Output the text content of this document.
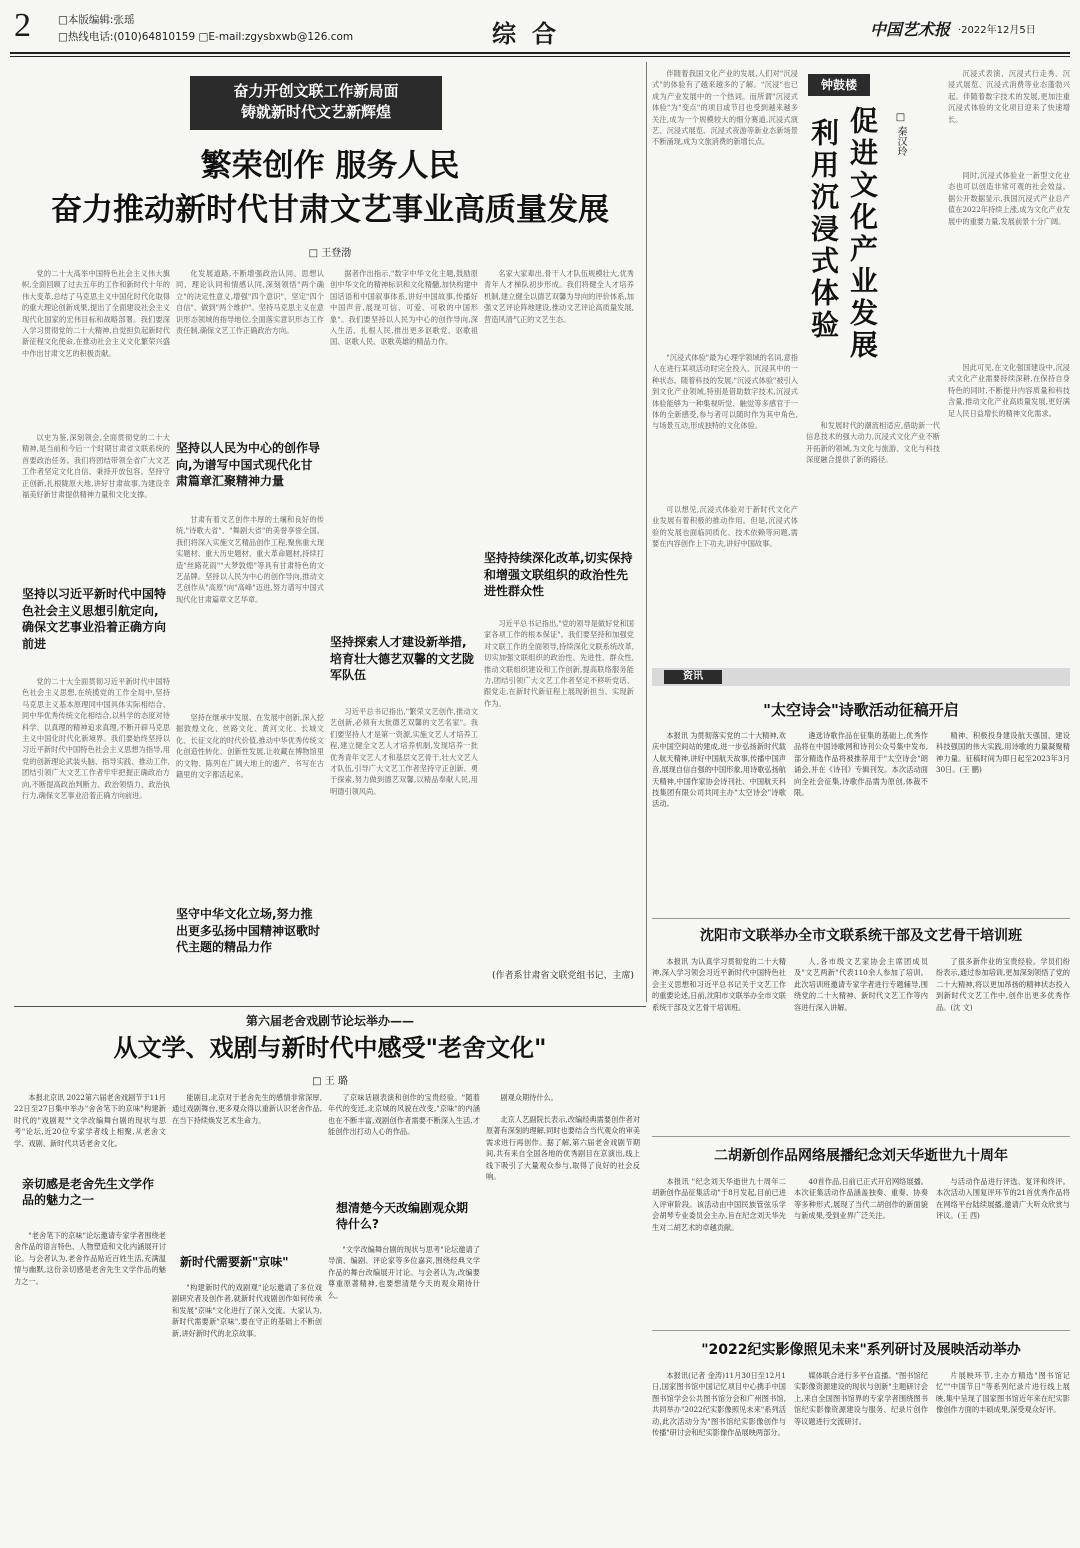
2	□本版编辑:张瑶
□热线电话:(010)64810159 □E-mail:zgysbxwb@126.com	综合	中国艺术报 ·2022年12月5日
奋力开创文联工作新局面
铸就新时代文艺新辉煌
繁荣创作 服务人民
奋力推动新时代甘肃文艺事业高质量发展
□ 王登渤
党的二十大高举中国特色社会主义伟大旗帜,全面回顾了过去五年的工作和新时代十年的伟大变革,总结了马克思主义中国化时代化取得的重大理论创新成果,提出了全面建设社会主义现代化国家的宏伟目标和战略部署。我们要深入学习贯彻党的二十大精神,自觉担负起新时代新征程文化使命,在推动社会主义文化繁荣兴盛中作出甘肃文艺的积极贡献。
以史为鉴,深刻领会,全面贯彻党的二十大精神,是当前和今后一个时期甘肃省文联系统的首要政治任务。我们将团结带领全省广大文艺工作者坚定文化自信、秉持开放包容、坚持守正创新,扎根陇原大地,讲好甘肃故事,为建设幸福美好新甘肃提供精神力量和文化支撑。
坚持以习近平新时代中国特色社会主义思想引航定向,确保文艺事业沿着正确方向前进
党的二十大全面贯彻习近平新时代中国特色社会主义思想,在统揽党的工作全局中,坚持马克思主义基本原理同中国具体实际相结合、同中华优秀传统文化相结合,以科学的态度对待科学、以真理的精神追求真理,不断开辟马克思主义中国化时代化新境界。我们要始终坚持以习近平新时代中国特色社会主义思想为指导,用党的创新理论武装头脑、指导实践、推动工作,团结引领广大文艺工作者牢牢把握正确政治方向,不断提高政治判断力、政治领悟力、政治执行力,确保文艺事业沿着正确方向前进。
化发展道路,不断增强政治认同、思想认同、理论认同和情感认同,深刻领悟"两个确立"的决定性意义,增强"四个意识"、坚定"四个自信"、做到"两个维护"。坚持马克思主义在意识形态领域的指导地位,全面落实意识形态工作责任制,确保文艺工作正确政治方向。
坚持以人民为中心的创作导向,为谱写中国式现代化甘肃篇章汇聚精神力量
甘肃有着文艺创作丰厚的土壤和良好的传统,"诗歌大省"、"舞剧大省"的美誉享誉全国。我们将深入实施文艺精品创作工程,聚焦重大现实题材、重大历史题材、重大革命题材,持续打造"丝路花雨""大梦敦煌"等具有甘肃特色的文艺品牌。坚持以人民为中心的创作导向,推动文艺创作从"高原"向"高峰"迈进,努力谱写中国式现代化甘肃篇章文艺华章。
坚持在继承中发展、在发展中创新,深入挖掘敦煌文化、丝路文化、黄河文化、长城文化、长征文化的时代价值,推动中华优秀传统文化创造性转化、创新性发展,让收藏在博物馆里的文物、陈列在广阔大地上的遗产、书写在古籍里的文字都活起来。
坚守中华文化立场,努力推出更多弘扬中国精神讴歌时代主题的精品力作
据者作出指示,"数字中华文化主题,鼓励原创中华文化的精神标识和文化精髓,加快构建中国话语和中国叙事体系,讲好中国故事,传播好中国声音,展现可信、可爱、可敬的中国形象"。我们要坚持以人民为中心的创作导向,深入生活、扎根人民,推出更多讴歌党、讴歌祖国、讴歌人民、讴歌英雄的精品力作。
坚持探索人才建设新举措,培育壮大德艺双馨的文艺陇军队伍
习近平总书记指出,"繁荣文艺创作,推动文艺创新,必须有大批德艺双馨的文艺名家"。我们要坚持人才是第一资源,实施文艺人才培养工程,建立健全文艺人才培养机制,发现培养一批优秀青年文艺人才和基层文艺骨干,壮大文艺人才队伍,引导广大文艺工作者坚持守正创新、勇于探索,努力做到德艺双馨,以精品奉献人民,用明德引领风尚。
名家大家辈出,骨干人才队伍规模壮大,优秀青年人才梯队初步形成。我们将健全人才培养机制,建立健全以德艺双馨为导向的评价体系,加强文艺评论阵地建设,推动文艺评论高质量发展,营造风清气正的文艺生态。
坚持持续深化改革,切实保持和增强文联组织的政治性先进性群众性
习近平总书记指出,"党的领导是做好党和国家各项工作的根本保证"。我们要坚持和加强党对文联工作的全面领导,持续深化文联系统改革,切实加强文联组织的政治性、先进性、群众性,推动文联组织建设和工作创新,提高联络服务能力,团结引领广大文艺工作者坚定不移听党话、跟党走,在新时代新征程上展现新担当、实现新作为。
(作者系甘肃省文联党组书记、主席)
钟鼓楼
促进文化产业发展
利用沉浸式体验	□ 秦汉玲
伴随着我国文化产业的发展,人们对"沉浸式"的体验有了越来越多的了解。"沉浸"也已成为产业发展中的一个热词。而所谓"沉浸式体验"为"变点"的项目或节目也受到越来越多关注,成为一个规模较大的细分赛道,沉浸式演艺、沉浸式展览、沉浸式夜游等新业态新场景不断涌现,成为文旅消费的新增长点。
"沉浸式体验"最为心理学领域的名词,意指人在进行某项活动时完全投入、沉浸其中的一种状态。随着科技的发展,"沉浸式体验"被引入到文化产业领域,特别是借助数字技术,沉浸式体验能够为一种集视听觉、触觉等多感官于一体的全新感受,参与者可以随时作为其中角色,与场景互动,形成独特的文化体验。
可以想见,沉浸式体验对于新时代文化产业发展有着积极的推动作用。但是,沉浸式体验的发展也面临同质化、技术依赖等问题,需要在内容创作上下功夫,讲好中国故事。
和发展时代的潮流相适应,借助新一代信息技术的强大动力,沉浸式文化产业不断开拓新的领域,为文化与旅游、文化与科技深度融合提供了新的路径。
沉浸式表演、沉浸式行走秀、沉浸式展览、沉浸式消费等业态蓬勃兴起。伴随着数字技术的发展,更加注重沉浸式体验的文化项目迎来了快速增长。
同时,沉浸式体验业一新型文化业态也可以创造非常可观的社会效益。据公开数据显示,我国沉浸式产业总产值在2022年持续上涨,成为文化产业发展中的重要力量,发展前景十分广阔。
因此可见,在文化强国建设中,沉浸式文化产业需要持续深耕,在保持自身特色的同时,不断提升内容质量和科技含量,推动文化产业高质量发展,更好满足人民日益增长的精神文化需求。
资讯
"太空诗会"诗歌活动征稿开启
本报讯 为贯彻落实党的二十大精神,欢庆中国空间站的建成,进一步弘扬新时代载人航天精神,讲好中国航天故事,传播中国声音,展现自信自强的中国形象,用诗歌弘扬航天精神,中国作家协会诗刊社、中国航天科技集团有限公司共同主办"太空诗会"诗歌活动。
遴选诗歌作品在征集的基础上,优秀作品将在中国诗歌网和诗刊公众号集中发布,部分精选作品将被推荐用于"太空诗会"朗诵会,并在《诗刊》专辑刊发。本次活动面向全社会征集,诗歌作品需为原创,体裁不限。
精神、积极投身建设航天强国、建设科技强国的伟大实践,用诗歌的力量凝聚精神力量。征稿时间为即日起至2023年3月30日。(王 鹏)
沈阳市文联举办全市文联系统干部及文艺骨干培训班
本报讯 为认真学习贯彻党的二十大精神,深入学习领会习近平新时代中国特色社会主义思想和习近平总书记关于文艺工作的重要论述,日前,沈阳市文联举办全市文联系统干部及文艺骨干培训班。
人,各市级文艺家协会主席团成员及"文艺两新"代表110余人参加了培训。此次培训班邀请专家学者进行专题辅导,围绕党的二十大精神、新时代文艺工作等内容进行深入讲解。
了很多新作业的宝贵经验。学员们纷纷表示,通过参加培训,更加深刻领悟了党的二十大精神,将以更加昂扬的精神状态投入到新时代文艺工作中,创作出更多优秀作品。(沈 文)
二胡新创作品网络展播纪念刘天华逝世九十周年
本报讯 "纪念刘天华逝世九十周年二胡新创作品征集活动"于8月发起,目前已进入评审阶段。该活动由中国民族管弦乐学会胡琴专业委员会主办,旨在纪念刘天华先生对二胡艺术的卓越贡献。
40首作品,日前已正式开启网络展播。本次征集活动作品涵盖独奏、重奏、协奏等多种形式,展现了当代二胡创作的新面貌与新成果,受到业界广泛关注。
与活动作品进行评选、复评和终评。本次活动入围复评环节的21首优秀作品将在网络平台陆续展播,邀请广大听众欣赏与评议。(王 西)
"2022纪实影像照见未来"系列研讨及展映活动举办
本报讯(记者 金涛)11月30日至12月1日,国家图书馆中国记忆项目中心携手中国图书馆学会公共图书馆分会和广州图书馆,共同举办"2022纪实影像照见未来"系列活动,此次活动分为"图书馆纪实影像创作与传播"研讨会和纪实影像作品展映两部分。
媒体联合进行多平台直播。"图书馆纪实影像资源建设的现状与创新"主题研讨会上,来自全国图书馆界的专家学者围绕图书馆纪实影像资源建设与服务、纪录片创作等议题进行交流研讨。
片展映环节,主办方精选"图书馆记忆""中国节日"等系列纪录片进行线上展映,集中呈现了国家图书馆近年来在纪实影像创作方面的丰硕成果,深受观众好评。
第六届老舍戏剧节论坛举办——
从文学、戏剧与新时代中感受"老舍文化"
□ 王 璐
本报北京讯 2022第六届老舍戏剧节于11月22日至27日集中举办"舍舍笔下的京味"构建新时代的"戏剧观""文学改编舞台剧的现状与思考"论坛,近20位专家学者线上相聚,从老舍文学、戏剧、新时代共话老舍文化。
亲切感是老舍先生文学作品的魅力之一
"老舍笔下的京味"论坛邀请专家学者围绕老舍作品的语言特色、人物塑造和文化内涵展开讨论。与会者认为,老舍作品贴近百姓生活,充满温情与幽默,这份亲切感是老舍先生文学作品的魅力之一。
能剧目,北京对于老舍先生的感情非常深厚,通过戏剧舞台,更多观众得以重新认识老舍作品,在当下持续焕发艺术生命力。
新时代需要新"京味"
"构建新时代的戏剧观"论坛邀请了多位戏剧研究者及创作者,就新时代戏剧创作如何传承和发展"京味"文化进行了深入交流。大家认为,新时代需要新"京味",要在守正的基础上不断创新,讲好新时代的北京故事。
了京味话剧表演和创作的宝贵经验。"随着年代的变迁,北京城的风貌在改变,"京味"的内涵也在不断丰富,戏剧创作者需要不断深入生活,才能创作出打动人心的作品。
想清楚今天改编剧观众期待什么?
"文学改编舞台剧的现状与思考"论坛邀请了导演、编剧、评论家等多位嘉宾,围绕经典文学作品的舞台改编展开讨论。与会者认为,改编要尊重原著精神,也要想清楚今天的观众期待什么。
剧观众期待什么。
北京人艺副院长表示,改编经典需要创作者对原著有深刻的理解,同时也要结合当代观众的审美需求进行再创作。据了解,第六届老舍戏剧节期间,共有来自全国各地的优秀剧目在京演出,线上线下吸引了大量观众参与,取得了良好的社会反响。
